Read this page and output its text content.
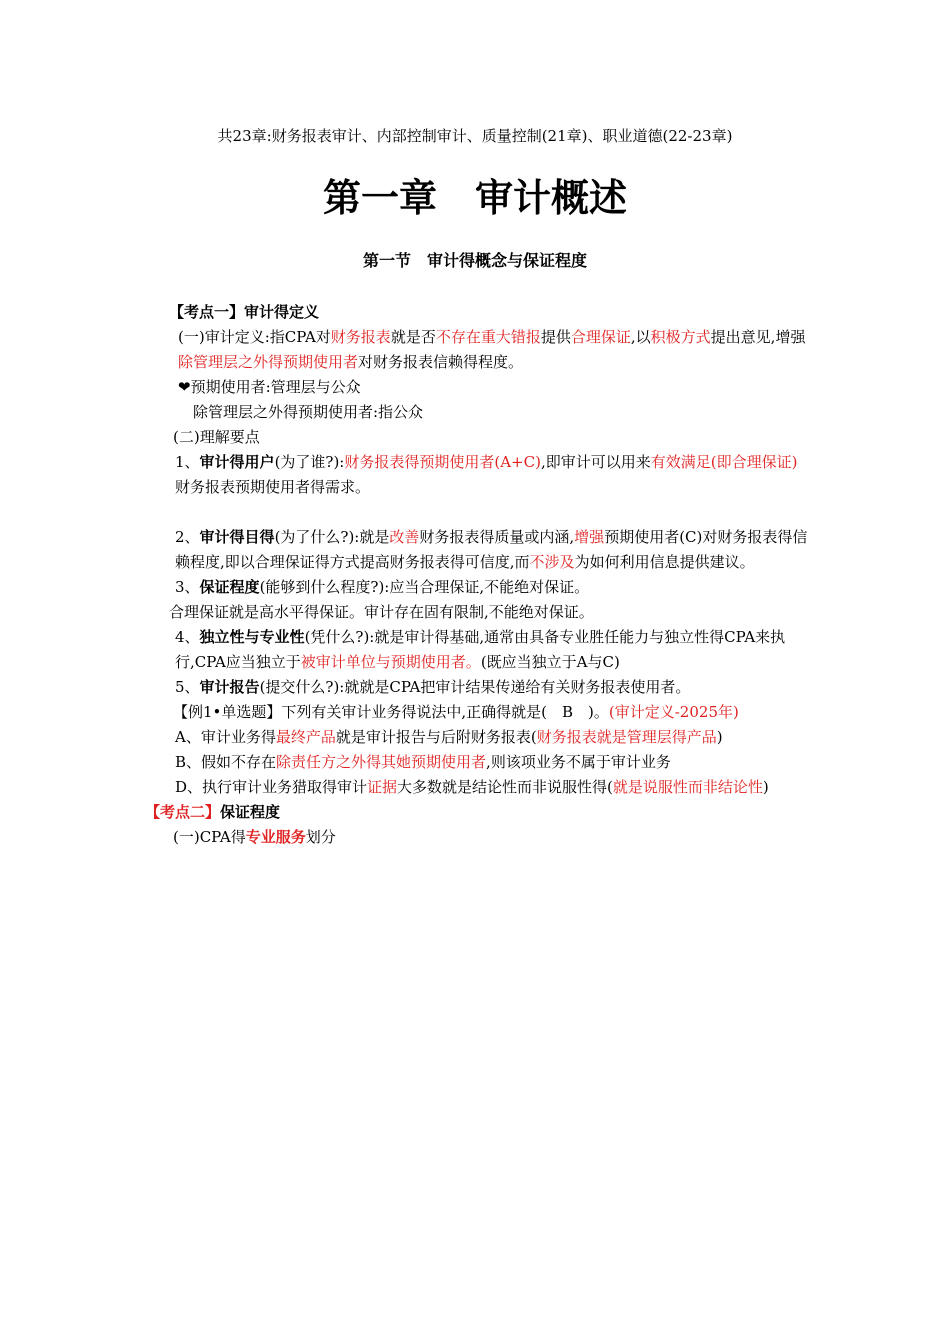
共23章:财务报表审计、内部控制审计、质量控制(21章)、职业道德(22-23章)
第一章　审计概述
第一节　审计得概念与保证程度

【考点一】审计得定义

(一)审计定义:指CPA对财务报表就是否不存在重大错报提供合理保证,以积极方式提出意见,增强除管理层之外得预期使用者对财务报表信赖得程度。

❤预期使用者:管理层与公众

除管理层之外得预期使用者:指公众

(二)理解要点

1、审计得用户(为了谁?):财务报表得预期使用者(A+C),即审计可以用来有效满足(即合理保证)财务报表预期使用者得需求。

2、审计得目得(为了什么?):就是改善财务报表得质量或内涵,增强预期使用者(C)对财务报表得信赖程度,即以合理保证得方式提高财务报表得可信度,而不涉及为如何利用信息提供建议。

3、保证程度(能够到什么程度?):应当合理保证,不能绝对保证。

合理保证就是高水平得保证。审计存在固有限制,不能绝对保证。

4、独立性与专业性(凭什么?):就是审计得基础,通常由具备专业胜任能力与独立性得CPA来执行,CPA应当独立于被审计单位与预期使用者。(既应当独立于A与C)

5、审计报告(提交什么?):就就是CPA把审计结果传递给有关财务报表使用者。

【例1•单选题】下列有关审计业务得说法中,正确得就是(　B　)。(审计定义-2025年)

A、审计业务得最终产品就是审计报告与后附财务报表(财务报表就是管理层得产品)

B、假如不存在除责任方之外得其她预期使用者,则该项业务不属于审计业务

D、执行审计业务猎取得审计证据大多数就是结论性而非说服性得(就是说服性而非结论性)

【考点二】保证程度

(一)CPA得专业服务划分
